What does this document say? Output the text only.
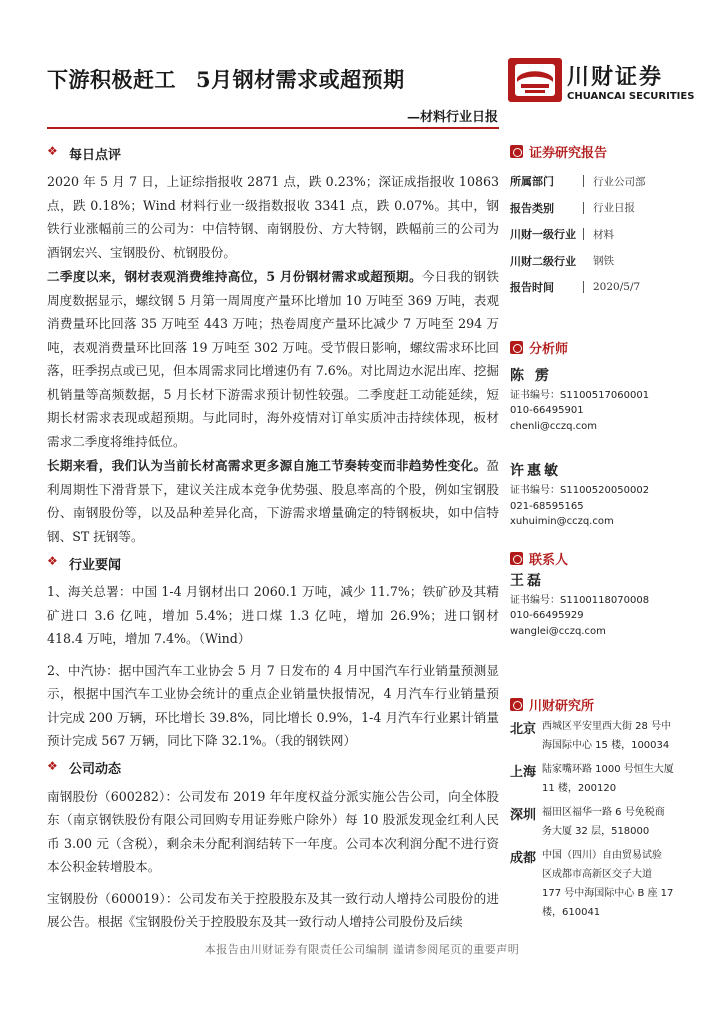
下游积极赶工 5月钢材需求或超预期
—材料行业日报
川财证券
CHUANCAI SECURITIES
❖
每日点评

2020 年 5 月 7 日，上证综指报收 2871 点，跌 0.23%；深证成指报收 10863 点，跌 0.18%；Wind 材料行业一级指数报收 3341 点，跌 0.07%。其中，钢铁行业涨幅前三的公司为：中信特钢、南钢股份、方大特钢，跌幅前三的公司为酒钢宏兴、宝钢股份、杭钢股份。

二季度以来，钢材表观消费维持高位，5 月份钢材需求或超预期。今日我的钢铁周度数据显示，螺纹钢 5 月第一周周度产量环比增加 10 万吨至 369 万吨，表观消费量环比回落 35 万吨至 443 万吨；热卷周度产量环比减少 7 万吨至 294 万吨，表观消费量环比回落 19 万吨至 302 万吨。受节假日影响，螺纹需求环比回落，旺季拐点或已见，但本周需求同比增速仍有 7.6%。对比周边水泥出库、挖掘机销量等高频数据，5 月长材下游需求预计韧性较强。二季度赶工动能延续，短期长材需求表现或超预期。与此同时，海外疫情对订单实质冲击持续体现，板材需求二季度将维持低位。

长期来看，我们认为当前长材高需求更多源自施工节奏转变而非趋势性变化。盈利周期性下滑背景下，建议关注成本竞争优势强、股息率高的个股，例如宝钢股份、南钢股份等，以及品种差异化高，下游需求增量确定的特钢板块，如中信特钢、ST 抚钢等。

❖
行业要闻

1、海关总署：中国 1-4 月钢材出口 2060.1 万吨，减少 11.7%；铁矿砂及其精矿进口 3.6 亿吨，增加 5.4%；进口煤 1.3 亿吨，增加 26.9%；进口钢材 418.4 万吨，增加 7.4%。（Wind）

2、中汽协：据中国汽车工业协会 5 月 7 日发布的 4 月中国汽车行业销量预测显示，根据中国汽车工业协会统计的重点企业销量快报情况，4 月汽车行业销量预计完成 200 万辆，环比增长 39.8%，同比增长 0.9%，1-4 月汽车行业累计销量预计完成 567 万辆，同比下降 32.1%。（我的钢铁网）

❖
公司动态

南钢股份（600282）：公司发布 2019 年年度权益分派实施公告公司，向全体股东（南京钢铁股份有限公司回购专用证券账户除外）每 10 股派发现金红利人民币 3.00 元（含税），剩余未分配利润结转下一年度。公司本次利润分配不进行资本公积金转增股本。

宝钢股份（600019）：公司发布关于控股股东及其一致行动人增持公司股份的进展公告。根据《宝钢股份关于控股股东及其一致行动人增持公司股份及后续

证券研究报告
所属部门	行业公司部
报告类别	行业日报
川财一级行业	材料
川财二级行业	钢铁
报告时间	2020/5/7
分析师
陈 雳
证书编号：S1100517060001
010-66495901
chenli@cczq.com
许惠敏
证书编号：S1100520050002
021-68595165
xuhuimin@cczq.com
联系人
王磊
证书编号：S1100118070008
010-66495929
wanglei@cczq.com
川财研究所
北京 西城区平安里西大街 28 号中
海国际中心 15 楼，100034
上海 陆家嘴环路 1000 号恒生大厦
11 楼，200120
深圳 福田区福华一路 6 号免税商
务大厦 32 层，518000
成都 中国（四川）自由贸易试验
区成都市高新区交子大道
177 号中海国际中心 B 座 17
楼，610041
本报告由川财证券有限责任公司编制 谨请参阅尾页的重要声明
